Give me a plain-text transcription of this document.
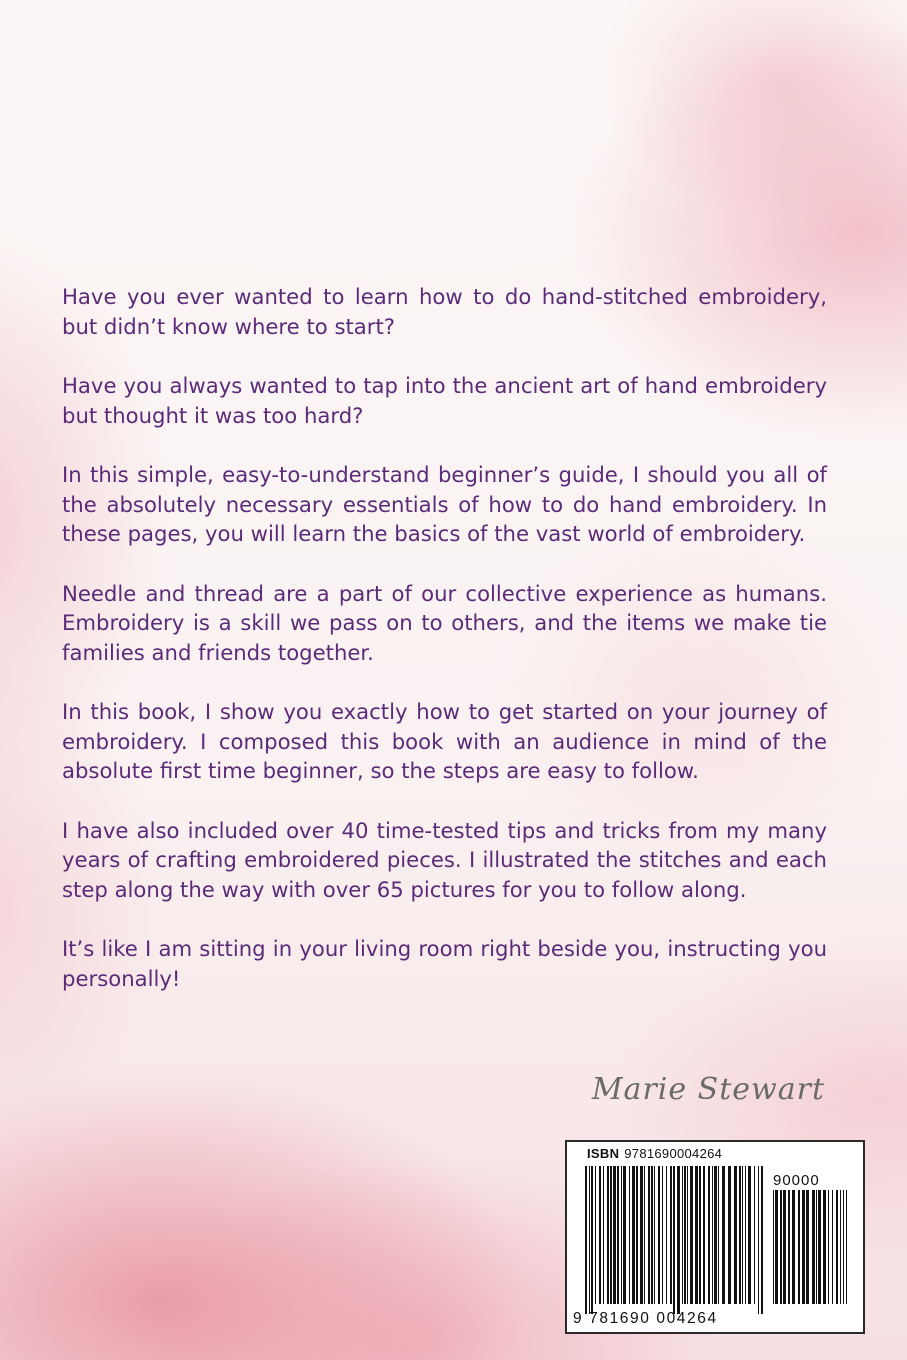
Have you ever wanted to learn how to do hand-stitched embroidery, but didn’t know where to start?

Have you always wanted to tap into the ancient art of hand embroidery but thought it was too hard?

In this simple, easy-to-understand beginner’s guide, I should you all of the absolutely necessary essentials of how to do hand embroidery. In these pages, you will learn the basics of the vast world of embroidery.

Needle and thread are a part of our collective experience as humans. Embroidery is a skill we pass on to others, and the items we make tie families and friends together.

In this book, I show you exactly how to get started on your journey of embroidery. I composed this book with an audience in mind of the absolute first time beginner, so the steps are easy to follow.

I have also included over 40 time-tested tips and tricks from my many years of crafting embroidered pieces. I illustrated the stitches and each step along the way with over 65 pictures for you to follow along.

It’s like I am sitting in your living room right beside you, instructing you personally!

Marie Stewart
ISBN 9781690004264
90000
9 781690 004264
